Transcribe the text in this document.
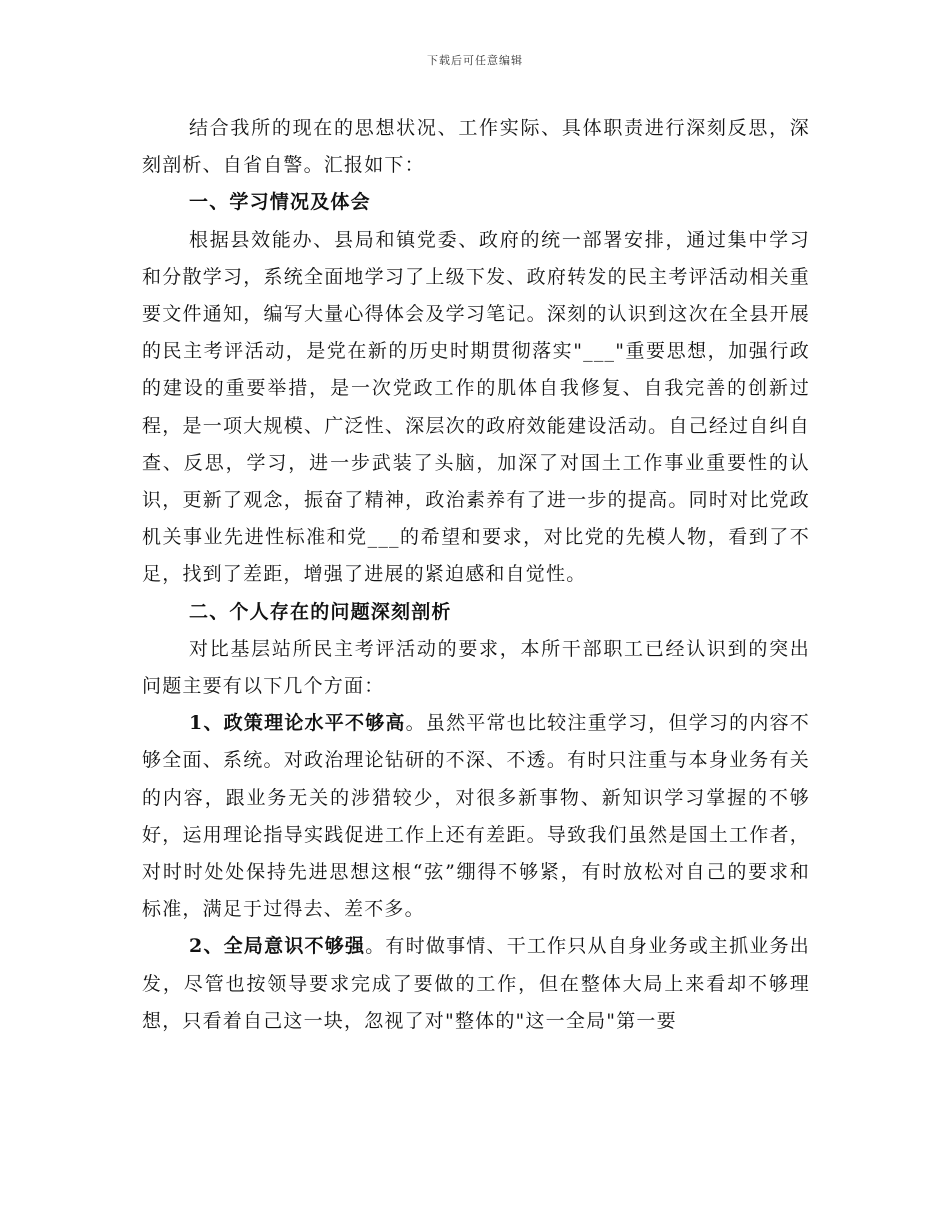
下载后可任意编辑

结合我所的现在的思想状况、工作实际、具体职责进行深刻反思，深刻剖析、自省自警。汇报如下：

一、学习情况及体会

根据县效能办、县局和镇党委、政府的统一部署安排，通过集中学习和分散学习，系统全面地学习了上级下发、政府转发的民主考评活动相关重要文件通知，编写大量心得体会及学习笔记。深刻的认识到这次在全县开展的民主考评活动，是党在新的历史时期贯彻落实"___"重要思想，加强行政的建设的重要举措，是一次党政工作的肌体自我修复、自我完善的创新过程，是一项大规模、广泛性、深层次的政府效能建设活动。自己经过自纠自查、反思，学习，进一步武装了头脑，加深了对国土工作事业重要性的认识，更新了观念，振奋了精神，政治素养有了进一步的提高。同时对比党政机关事业先进性标准和党___的希望和要求，对比党的先模人物，看到了不足，找到了差距，增强了进展的紧迫感和自觉性。

二、个人存在的问题深刻剖析

对比基层站所民主考评活动的要求，本所干部职工已经认识到的突出问题主要有以下几个方面：

1、政策理论水平不够高。虽然平常也比较注重学习，但学习的内容不够全面、系统。对政治理论钻研的不深、不透。有时只注重与本身业务有关的内容，跟业务无关的涉猎较少，对很多新事物、新知识学习掌握的不够好，运用理论指导实践促进工作上还有差距。导致我们虽然是国土工作者，对时时处处保持先进思想这根“弦”绷得不够紧，有时放松对自己的要求和标准，满足于过得去、差不多。

2、全局意识不够强。有时做事情、干工作只从自身业务或主抓业务出发，尽管也按领导要求完成了要做的工作，但在整体大局上来看却不够理想，只看着自己这一块，忽视了对"整体的"这一全局"第一要
